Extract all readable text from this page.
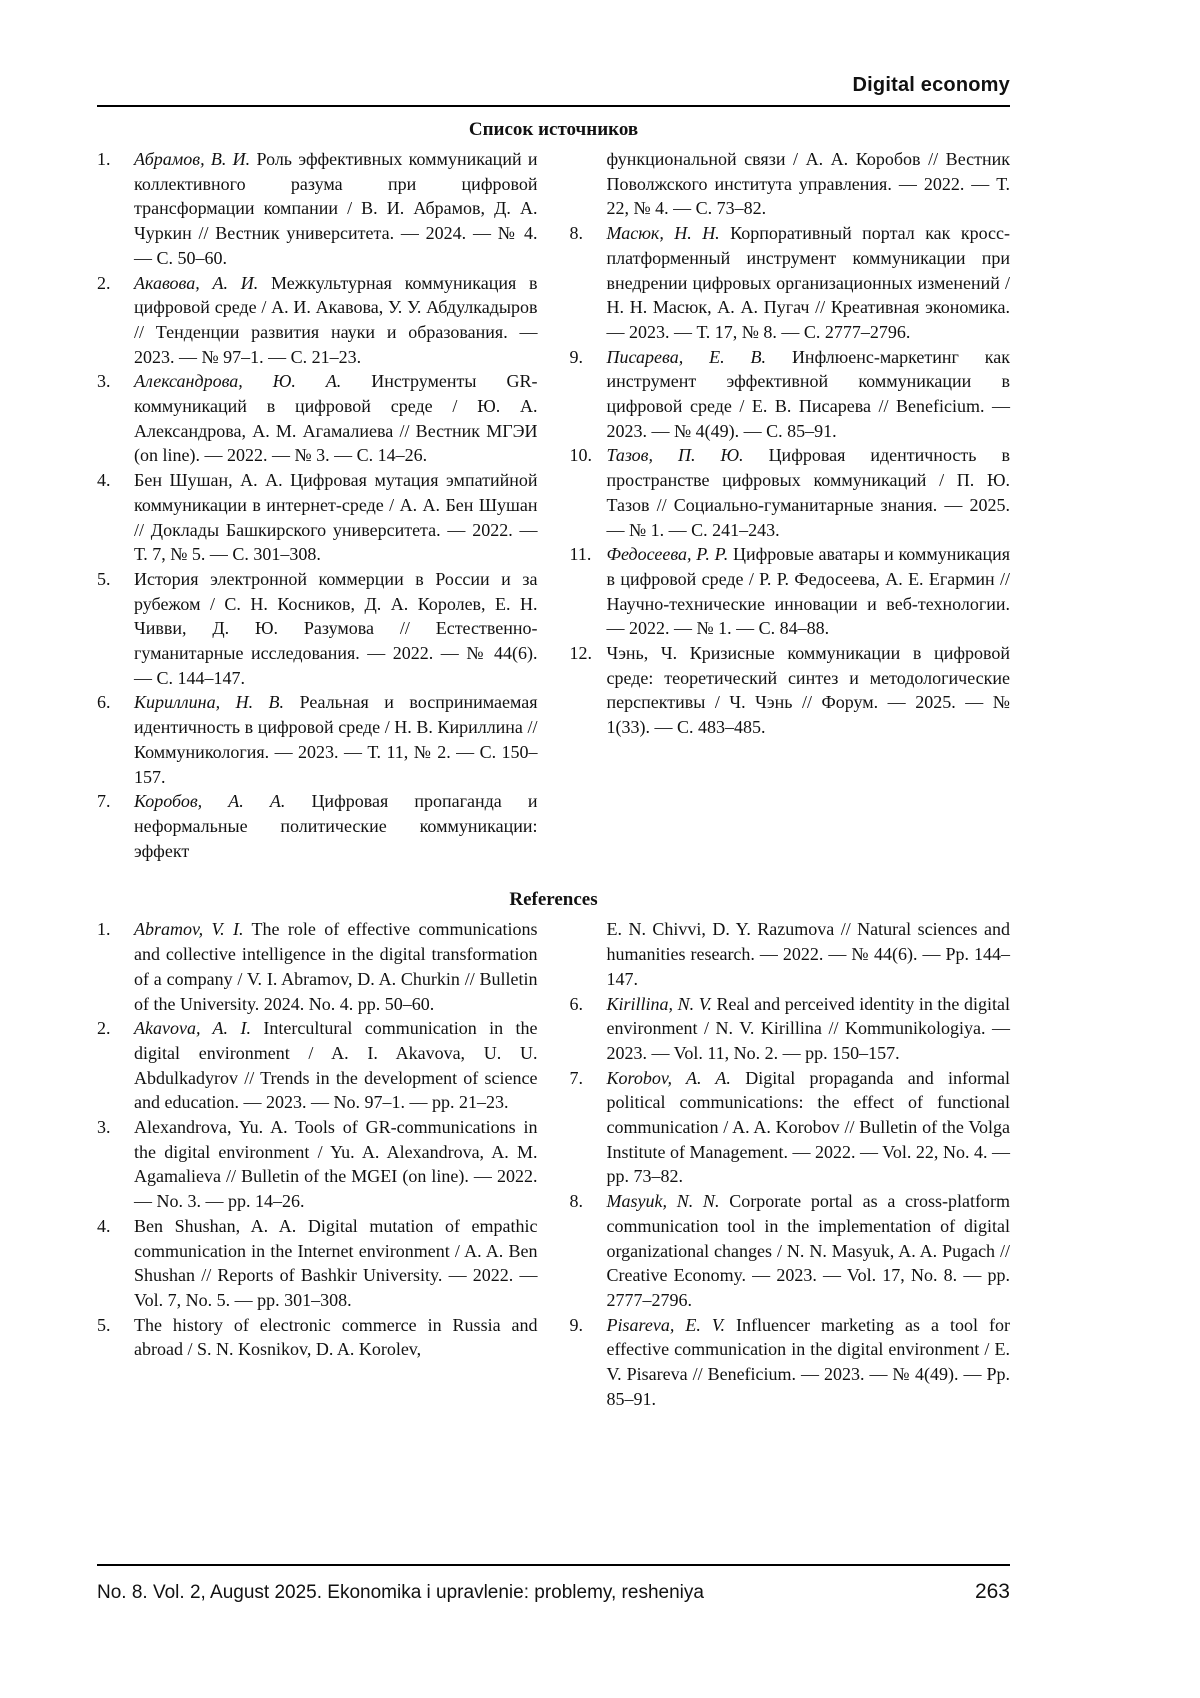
Digital economy
Список источников

1. Абрамов, В. И. Роль эффективных коммуникаций и коллективного разума при цифровой трансформации компании / В. И. Абрамов, Д. А. Чуркин // Вестник университета. — 2024. — № 4. — С. 50–60.

2. Акавова, А. И. Межкультурная коммуникация в цифровой среде / А. И. Акавова, У. У. Абдулкадыров // Тенденции развития науки и образования. — 2023. — № 97–1. — С. 21–23.

3. Александрова, Ю. А. Инструменты GR-коммуникаций в цифровой среде / Ю. А. Александрова, А. М. Агамалиева // Вестник МГЭИ (on line). — 2022. — № 3. — С. 14–26.

4. Бен Шушан, А. А. Цифровая мутация эмпатийной коммуникации в интернет-среде / А. А. Бен Шушан // Доклады Башкирского университета. — 2022. — Т. 7, № 5. — С. 301–308.

5. История электронной коммерции в России и за рубежом / С. Н. Косников, Д. А. Королев, Е. Н. Чивви, Д. Ю. Разумова // Естественно-гуманитарные исследования. — 2022. — № 44(6). — С. 144–147.

6. Кириллина, Н. В. Реальная и воспринимаемая идентичность в цифровой среде / Н. В. Кириллина // Коммуникология. — 2023. — Т. 11, № 2. — С. 150–157.

7. Коробов, А. А. Цифровая пропаганда и неформальные политические коммуникации: эффект

функциональной связи / А. А. Коробов // Вестник Поволжского института управления. — 2022. — Т. 22, № 4. — С. 73–82.

8. Масюк, Н. Н. Корпоративный портал как кросс-платформенный инструмент коммуникации при внедрении цифровых организационных изменений / Н. Н. Масюк, А. А. Пугач // Креативная экономика. — 2023. — Т. 17, № 8. — С. 2777–2796.

9. Писарева, Е. В. Инфлюенс-маркетинг как инструмент эффективной коммуникации в цифровой среде / Е. В. Писарева // Beneficium. — 2023. — № 4(49). — С. 85–91.

10. Тазов, П. Ю. Цифровая идентичность в пространстве цифровых коммуникаций / П. Ю. Тазов // Социально-гуманитарные знания. — 2025. — № 1. — С. 241–243.

11. Федосеева, Р. Р. Цифровые аватары и коммуникация в цифровой среде / Р. Р. Федосеева, А. Е. Егармин // Научно-технические инновации и веб-технологии. — 2022. — № 1. — С. 84–88.

12. Чэнь, Ч. Кризисные коммуникации в цифровой среде: теоретический синтез и методологические перспективы / Ч. Чэнь // Форум. — 2025. — № 1(33). — С. 483–485.

References

1. Abramov, V. I. The role of effective communications and collective intelligence in the digital transformation of a company / V. I. Abramov, D. A. Churkin // Bulletin of the University. 2024. No. 4. pp. 50–60.

2. Akavova, A. I. Intercultural communication in the digital environment / A. I. Akavova, U. U. Abdulkadyrov // Trends in the development of science and education. — 2023. — No. 97–1. — pp. 21–23.

3. Alexandrova, Yu. A. Tools of GR-communications in the digital environment / Yu. A. Alexandrova, A. M. Agamalieva // Bulletin of the MGEI (on line). — 2022. — No. 3. — pp. 14–26.

4. Ben Shushan, A. A. Digital mutation of empathic communication in the Internet environment / A. A. Ben Shushan // Reports of Bashkir University. — 2022. — Vol. 7, No. 5. — pp. 301–308.

5. The history of electronic commerce in Russia and abroad / S. N. Kosnikov, D. A. Korolev,

E. N. Chivvi, D. Y. Razumova // Natural sciences and humanities research. — 2022. — № 44(6). — Pp. 144–147.

6. Kirillina, N. V. Real and perceived identity in the digital environment / N. V. Kirillina // Kommunikologiya. — 2023. — Vol. 11, No. 2. — pp. 150–157.

7. Korobov, A. A. Digital propaganda and informal political communications: the effect of functional communication / A. A. Korobov // Bulletin of the Volga Institute of Management. — 2022. — Vol. 22, No. 4. — pp. 73–82.

8. Masyuk, N. N. Corporate portal as a cross-platform communication tool in the implementation of digital organizational changes / N. N. Masyuk, A. A. Pugach // Creative Economy. — 2023. — Vol. 17, No. 8. — pp. 2777–2796.

9. Pisareva, E. V. Influencer marketing as a tool for effective communication in the digital environment / E. V. Pisareva // Beneficium. — 2023. — № 4(49). — Pp. 85–91.

No. 8. Vol. 2, August 2025. Ekonomika i upravlenie: problemy, resheniya	263
